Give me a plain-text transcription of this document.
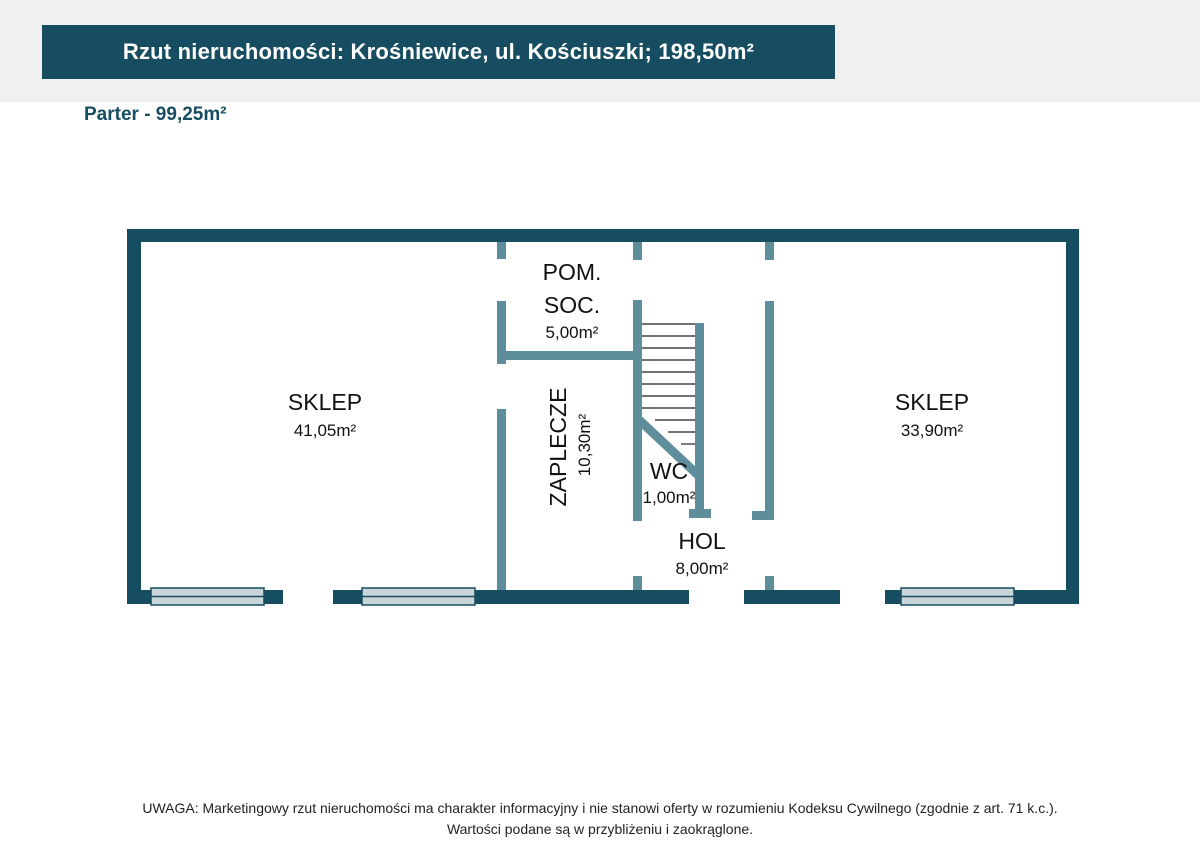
Rzut nieruchomości: Krośniewice, ul. Kościuszki; 198,50m²
Parter - 99,25m²
SKLEP
41,05m²
SKLEP
33,90m²
POM.
SOC.
5,00m²
ZAPLECZE 10,30m² WC
1,00m²
HOL
8,00m²
UWAGA: Marketingowy rzut nieruchomości ma charakter informacyjny i nie stanowi oferty w rozumieniu Kodeksu Cywilnego (zgodnie z art. 71 k.c.).
Wartości podane są w przybliżeniu i zaokrąglone.
